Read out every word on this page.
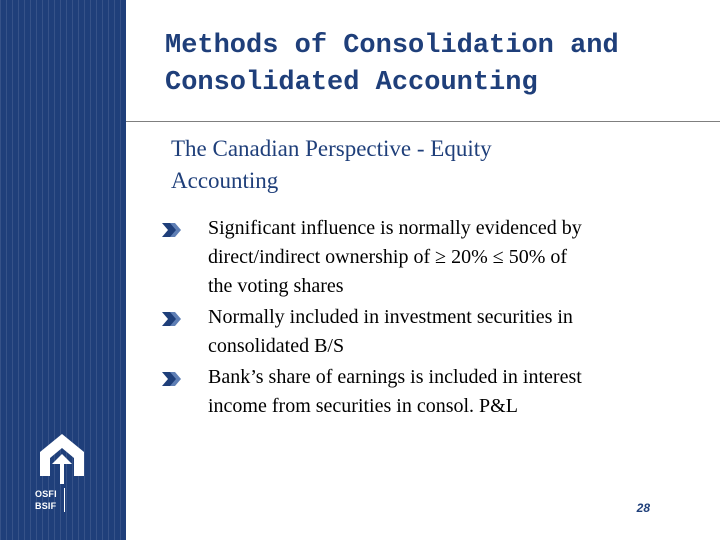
OSFI
BSIF
Methods of Consolidation and
Consolidated Accounting
The Canadian Perspective - Equity
Accounting
Significant influence is normally evidenced by
direct/indirect ownership of ≥ 20% ≤ 50% of
the voting shares
Normally included in investment securities in
consolidated B/S
Bank’s share of earnings is included in interest
income from securities in consol. P&L
28
